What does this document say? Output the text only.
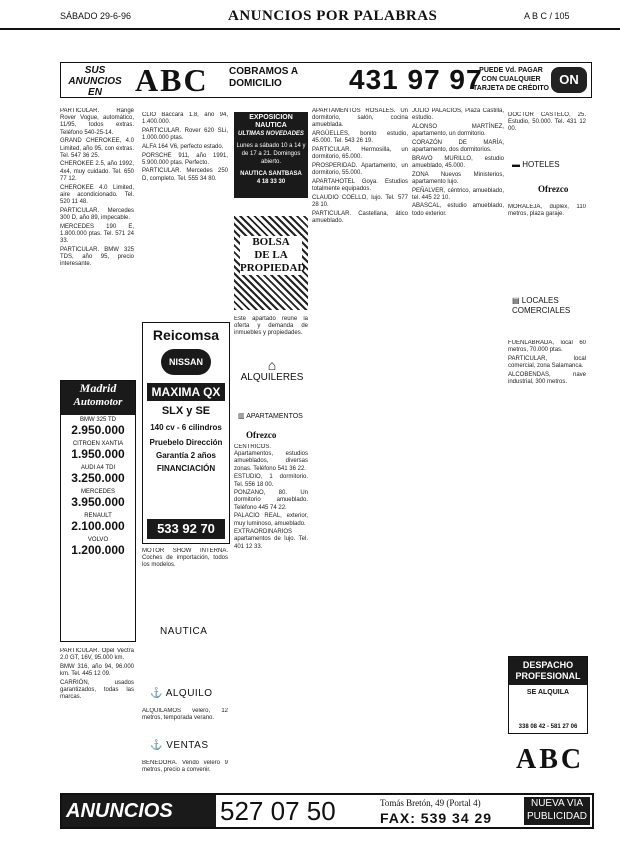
SÁBADO 29-6-96	ANUNCIOS POR PALABRAS	A B C / 105
SUS ANUNCIOS EN	ABC COBRAMOS A DOMICILIO	431 97 97
PUEDE Vd. PAGAR CON CUALQUIER TARJETA DE CRÉDITO
ON

PARTICULAR. Range Rover Vogue, automático, 11/95, todos extras. Teléfono 540-25-14.

GRAND CHEROKEE, 4.0 Limited, año 95, con extras. Tel. 547 36 25.

CHEROKEE 2.5, año 1992, 4x4, muy cuidado. Tel. 650 77 12.

CHEROKEE 4.0 Limited, aire acondicionado. Tel. 520 11 48.

PARTICULAR. Mercedes 300 D, año 89, impecable.

MERCEDES 190 E, 1.800.000 ptas. Tel. 571 24 33.

PARTICULAR. BMW 325 TDS, año 95, precio interesante.

Madrid
Automotor
BMW 325 TD
2.950.000
CITROEN XANTIA
1.950.000
AUDI A4 TDI
3.250.000
MERCEDES
3.950.000
RENAULT
2.100.000
VOLVO
1.200.000

PARTICULAR. Opel Vectra 2.0 GT, 16V, 95.000 km.

BMW 316, año 94, 96.000 km. Tel. 445 12 09.

CARRIÓN, usados garantizados, todas las marcas.

CLIO Baccara 1.8, año 94, 1.400.000.

PARTICULAR. Rover 620 SLi, 1.000.000 ptas.

ALFA 164 V6, perfecto estado.

PORSCHE 911, año 1991, 5.900.000 ptas. Perfecto.

PARTICULAR. Mercedes 250 D, completo. Tel. 555 34 80.

Reicomsa
NISSAN
MAXIMA QX
SLX y SE
140 cv - 6 cilindros
Pruebelo Dirección Garantía 2 años FINANCIACIÓN
533 92 70

MOTOR SHOW INTERNA. Coches de importación, todos los modelos.

NAUTICA
⚓ ALQUILO

ALQUILAMOS velero, 12 metros, temporada verano.

⚓ VENTAS

BENEDORA. Vendo velero 9 metros, precio a convenir.

EXPOSICION NAUTICA
ULTIMAS NOVEDADES
Lunes a sábado 10 a 14 y de 17 a 21. Domingos abierto.
NAUTICA SANTBASA
4 18 33 30
BOLSA
DE LA
PROPIEDAD

Este apartado reúne la oferta y demanda de inmuebles y propiedades.

⌂
ALQUILERES
▥ APARTAMENTOS
Ofrezco

CENTRICOS. Apartamentos, estudios amueblados, diversas zonas. Teléfono 541 36 22.

ESTUDIO, 1 dormitorio. Tel. 556 18 00.

PONZANO, 80. Un dormitorio amueblado. Teléfono 445 74 22.

PALACIO REAL, exterior, muy luminoso, amueblado.

EXTRAORDINARIOS apartamentos de lujo. Tel. 401 12 33.

APARTAMENTOS ROSALES. Un dormitorio, salón, cocina amueblada.

ARGÜELLES, bonito estudio, 45.000. Tel. 543 26 19.

PARTICULAR. Hermosilla, un dormitorio, 65.000.

PROSPERIDAD. Apartamento, un dormitorio, 55.000.

APARTAHOTEL Goya. Estudios totalmente equipados.

CLAUDIO COELLO, lujo. Tel. 577 28 10.

PARTICULAR. Castellana, ático amueblado.

JULIO PALACIOS, Plaza Castilla, estudio.

ALONSO MARTÍNEZ, apartamento, un dormitorio.

CORAZÓN DE MARÍA, apartamento, dos dormitorios.

BRAVO MURILLO, estudio amueblado, 45.000.

ZONA Nuevos Ministerios, apartamento lujo.

PEÑALVER, céntrico, amueblado, tel. 445 22 10.

ABASCAL, estudio amueblado, todo exterior.

DOCTOR CASTELO, 25. Estudio, 50.000. Tel. 431 12 00.

▬ HOTELES
Ofrezco

MORALEJA, duplex, 110 metros, plaza garaje.

▤ LOCALES COMERCIALES

FUENLABRADA, local 60 metros, 70.000 ptas.

PARTICULAR, local comercial, zona Salamanca.

ALCOBENDAS, nave industrial, 300 metros.

DESPACHO PROFESIONAL
SE ALQUILA
338 08 42 - 581 27 06
ABC
ANUNCIOS ABC
527 07 50	Tomás Bretón, 49 (Portal 4)
FAX: 539 34 29
NUEVA VIA PUBLICIDAD
